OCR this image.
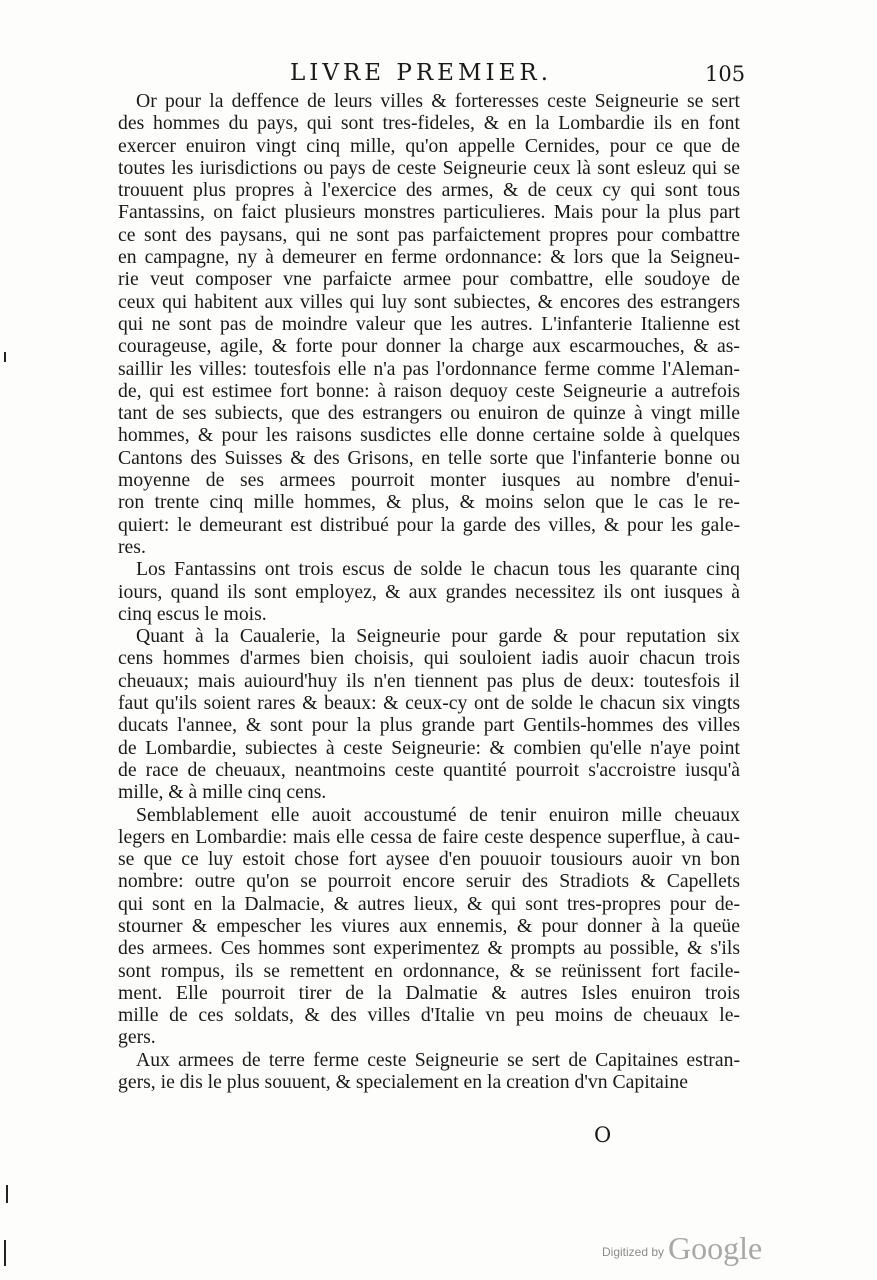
LIVRE PREMIER.	105

Or pour la deffence de leurs villes & forteresses ceste Seigneurie se sert
des hommes du pays, qui sont tres-fideles, & en la Lombardie ils en font
exercer enuiron vingt cinq mille, qu'on appelle Cernides, pour ce que de
toutes les iurisdictions ou pays de ceste Seigneurie ceux là sont esleuz qui se
trouuent plus propres à l'exercice des armes, & de ceux cy qui sont tous
Fantassins, on faict plusieurs monstres particulieres. Mais pour la plus part
ce sont des paysans, qui ne sont pas parfaictement propres pour combattre
en campagne, ny à demeurer en ferme ordonnance: & lors que la Seigneu-
rie veut composer vne parfaicte armee pour combattre, elle soudoye de
ceux qui habitent aux villes qui luy sont subiectes, & encores des estrangers
qui ne sont pas de moindre valeur que les autres. L'infanterie Italienne est
courageuse, agile, & forte pour donner la charge aux escarmouches, & as-
saillir les villes: toutesfois elle n'a pas l'ordonnance ferme comme l'Aleman-
de, qui est estimee fort bonne: à raison dequoy ceste Seigneurie a autrefois
tant de ses subiects, que des estrangers ou enuiron de quinze à vingt mille
hommes, & pour les raisons susdictes elle donne certaine solde à quelques
Cantons des Suisses & des Grisons, en telle sorte que l'infanterie bonne ou
moyenne de ses armees pourroit monter iusques au nombre d'enui-
ron trente cinq mille hommes, & plus, & moins selon que le cas le re-
quiert: le demeurant est distribué pour la garde des villes, & pour les gale-
res.

Los Fantassins ont trois escus de solde le chacun tous les quarante cinq
iours, quand ils sont employez, & aux grandes necessitez ils ont iusques à
cinq escus le mois.

Quant à la Caualerie, la Seigneurie pour garde & pour reputation six
cens hommes d'armes bien choisis, qui souloient iadis auoir chacun trois
cheuaux; mais auiourd'huy ils n'en tiennent pas plus de deux: toutesfois il
faut qu'ils soient rares & beaux: & ceux-cy ont de solde le chacun six vingts
ducats l'annee, & sont pour la plus grande part Gentils-hommes des villes
de Lombardie, subiectes à ceste Seigneurie: & combien qu'elle n'aye point
de race de cheuaux, neantmoins ceste quantité pourroit s'accroistre iusqu'à
mille, & à mille cinq cens.

Semblablement elle auoit accoustumé de tenir enuiron mille cheuaux
legers en Lombardie: mais elle cessa de faire ceste despence superflue, à cau-
se que ce luy estoit chose fort aysee d'en pouuoir tousiours auoir vn bon
nombre: outre qu'on se pourroit encore seruir des Stradiots & Capellets
qui sont en la Dalmacie, & autres lieux, & qui sont tres-propres pour de-
stourner & empescher les viures aux ennemis, & pour donner à la queüe
des armees. Ces hommes sont experimentez & prompts au possible, & s'ils
sont rompus, ils se remettent en ordonnance, & se reünissent fort facile-
ment. Elle pourroit tirer de la Dalmatie & autres Isles enuiron trois
mille de ces soldats, & des villes d'Italie vn peu moins de cheuaux le-
gers.

Aux armees de terre ferme ceste Seigneurie se sert de Capitaines estran-
gers, ie dis le plus souuent, & specialement en la creation d'vn Capitaine

O
Digitized by Google
